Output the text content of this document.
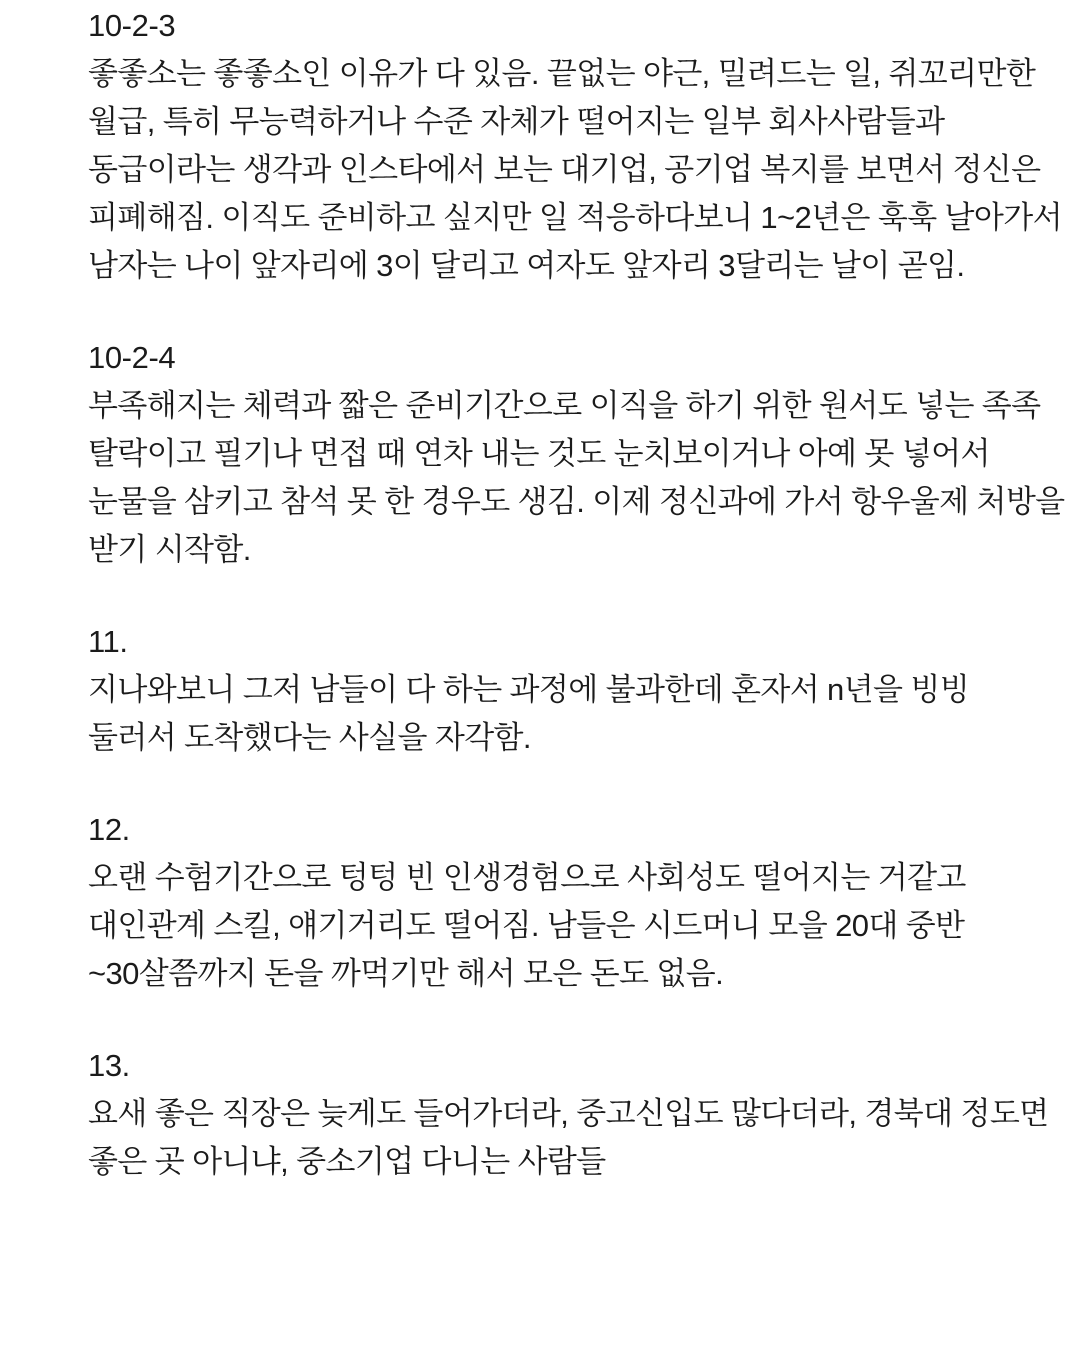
10-2-3
좋좋소는 좋좋소인 이유가 다 있음. 끝없는 야근, 밀려드는 일, 쥐꼬리만한 월급, 특히 무능력하거나 수준 자체가 떨어지는 일부 회사사람들과 동급이라는 생각과 인스타에서 보는 대기업, 공기업 복지를 보면서 정신은 피폐해짐. 이직도 준비하고 싶지만 일 적응하다보니 1~2년은 훅훅 날아가서 남자는 나이 앞자리에 3이 달리고 여자도 앞자리 3달리는 날이 곧임.
10-2-4
부족해지는 체력과 짧은 준비기간으로 이직을 하기 위한 원서도 넣는 족족 탈락이고 필기나 면접 때 연차 내는 것도 눈치보이거나 아예 못 넣어서 눈물을 삼키고 참석 못 한 경우도 생김. 이제 정신과에 가서 항우울제 처방을 받기 시작함.
11.
지나와보니 그저 남들이 다 하는 과정에 불과한데 혼자서 n년을 빙빙 둘러서 도착했다는 사실을 자각함.
12.
오랜 수험기간으로 텅텅 빈 인생경험으로 사회성도 떨어지는 거같고 대인관계 스킬, 얘기거리도 떨어짐. 남들은 시드머니 모을 20대 중반~30살쯤까지 돈을 까먹기만 해서 모은 돈도 없음.
13.
요새 좋은 직장은 늦게도 들어가더라, 중고신입도 많다더라, 경북대 정도면 좋은 곳 아니냐, 중소기업 다니는 사람들
